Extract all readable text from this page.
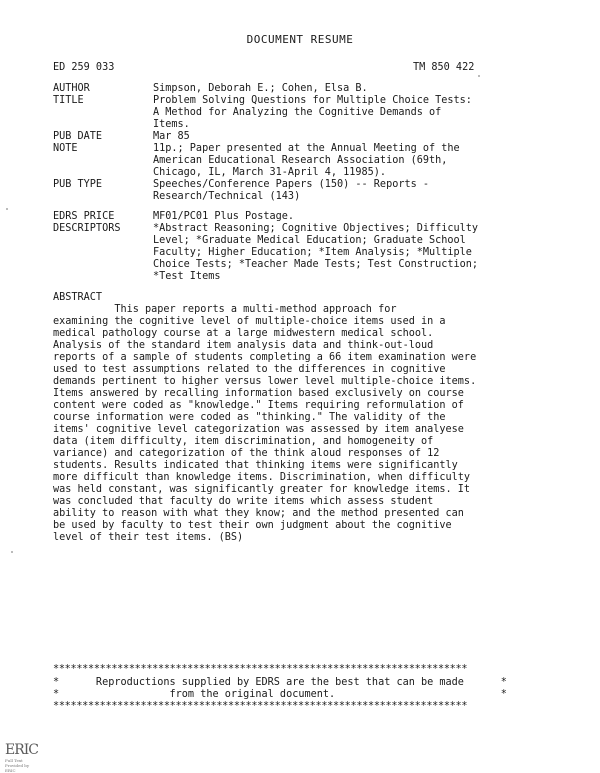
DOCUMENT RESUME
ED 259 033	TM 850 422
AUTHOR	Simpson, Deborah E.; Cohen, Elsa B.
TITLE	Problem Solving Questions for Multiple Choice Tests:
A Method for Analyzing the Cognitive Demands of
Items.
PUB DATE	Mar 85
NOTE	11p.; Paper presented at the Annual Meeting of the
American Educational Research Association (69th,
Chicago, IL, March 31-April 4, 11985).
PUB TYPE	Speeches/Conference Papers (150) -- Reports -
Research/Technical (143)
EDRS PRICE	MF01/PC01 Plus Postage.
DESCRIPTORS	*Abstract Reasoning; Cognitive Objectives; Difficulty
Level; *Graduate Medical Education; Graduate School
Faculty; Higher Education; *Item Analysis; *Multiple
Choice Tests; *Teacher Made Tests; Test Construction;
*Test Items
ABSTRACT
This paper reports a multi-method approach for
examining the cognitive level of multiple-choice items used in a
medical pathology course at a large midwestern medical school.
Analysis of the standard item analysis data and think-out-loud
reports of a sample of students completing a 66 item examination were
used to test assumptions related to the differences in cognitive
demands pertinent to higher versus lower level multiple-choice items.
Items answered by recalling information based exclusively on course
content were coded as "knowledge." Items requiring reformulation of
course information were coded as "thinking." The validity of the
items' cognitive level categorization was assessed by item analyese
data (item difficulty, item discrimination, and homogeneity of
variance) and categorization of the think aloud responses of 12
students. Results indicated that thinking items were significantly
more difficult than knowledge items. Discrimination, when difficulty
was held constant, was significantly greater for knowledge items. It
was concluded that faculty do write items which assess student
ability to reason with what they know; and the method presented can
be used by faculty to test their own judgment about the cognitive
level of their test items. (BS)
***********************************************************************
*      Reproductions supplied by EDRS are the best that can be made      *
*                  from the original document.                           *
***********************************************************************
ERIC
Full Text Provided by ERIC
